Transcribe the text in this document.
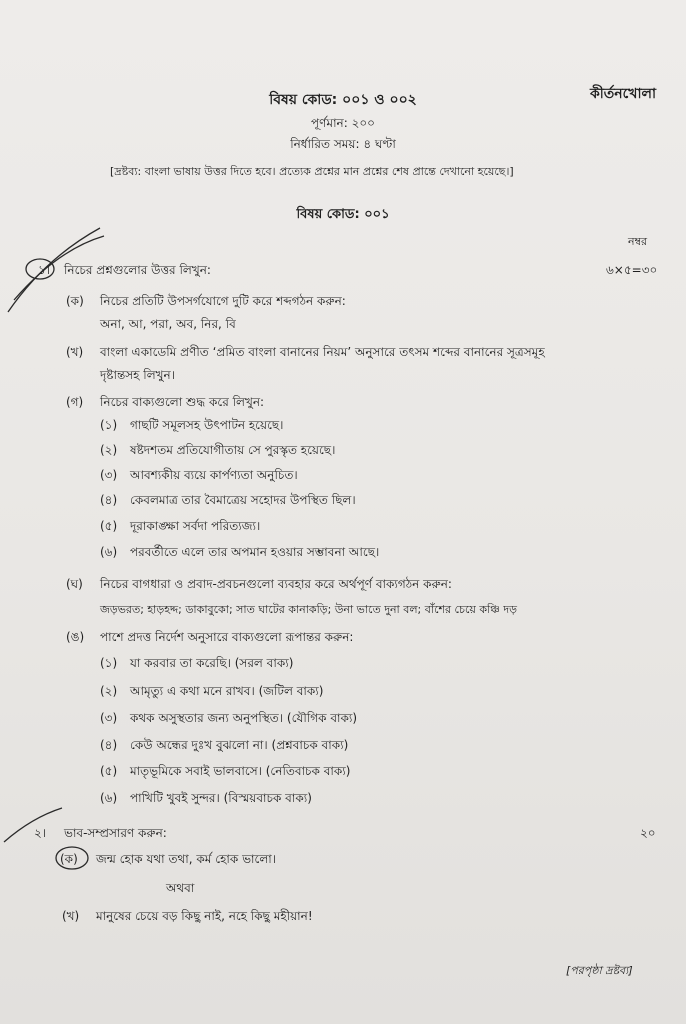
কীর্তনখোলা
বিষয় কোড: ০০১ ও ০০২
পূর্ণমান: ২০০
নির্ধারিত সময়: ৪ ঘণ্টা
[দ্রষ্টব্য: বাংলা ভাষায় উত্তর দিতে হবে। প্রত্যেক প্রশ্নের মান প্রশ্নের শেষ প্রান্তে দেখানো হয়েছে।]
বিষয় কোড: ০০১
নম্বর
১। নিচের প্রশ্নগুলোর উত্তর লিখুন:	৬×৫=৩০
(ক) নিচের প্রতিটি উপসর্গযোগে দুটি করে শব্দগঠন করুন:
অনা, আ, পরা, অব, নির, বি
(খ) বাংলা একাডেমি প্রণীত ‘প্রমিত বাংলা বানানের নিয়ম’ অনুসারে তৎসম শব্দের বানানের সূত্রসমূহ
দৃষ্টান্তসহ লিখুন।
(গ) নিচের বাক্যগুলো শুদ্ধ করে লিখুন:
(১) গাছটি সমূলসহ উৎপাটন হয়েছে।
(২) ষষ্টদশতম প্রতিযোগীতায় সে পুরস্কৃত হয়েছে।
(৩) আবশ্যকীয় ব্যয়ে কার্পণ্যতা অনুচিত।
(৪) কেবলমাত্র তার বৈমাত্রেয় সহোদর উপস্থিত ছিল।
(৫) দূরাকাঙ্ক্ষা সর্বদা পরিত্যজ্য।
(৬) পরবর্তীতে এলে তার অপমান হওয়ার সম্ভাবনা আছে।
(ঘ) নিচের বাগধারা ও প্রবাদ-প্রবচনগুলো ব্যবহার করে অর্থপূর্ণ বাক্যগঠন করুন:
জড়ভরত; হাড়হদ্দ; ডাকাবুকো; সাত ঘাটের কানাকড়ি; উনা ভাতে দুনা বল; বাঁশের চেয়ে কঞ্চি দড়
(ঙ) পাশে প্রদত্ত নির্দেশ অনুসারে বাক্যগুলো রূপান্তর করুন:
(১) যা করবার তা করেছি। (সরল বাক্য)
(২) আমৃত্যু এ কথা মনে রাখব। (জটিল বাক্য)
(৩) কথক অসুস্থতার জন্য অনুপস্থিত। (যৌগিক বাক্য)
(৪) কেউ অন্ধের দুঃখ বুঝলো না। (প্রশ্নবাচক বাক্য)
(৫) মাতৃভূমিকে সবাই ভালবাসে। (নেতিবাচক বাক্য)
(৬) পাখিটি খুবই সুন্দর। (বিস্ময়বাচক বাক্য)
২। ভাব-সম্প্রসারণ করুন:	২০
(ক) জন্ম হোক যথা তথা, কর্ম হোক ভালো।
অথবা
(খ) মানুষের চেয়ে বড় কিছু নাই, নহে কিছু মহীয়ান!
[পরপৃষ্ঠা দ্রষ্টব্য]
